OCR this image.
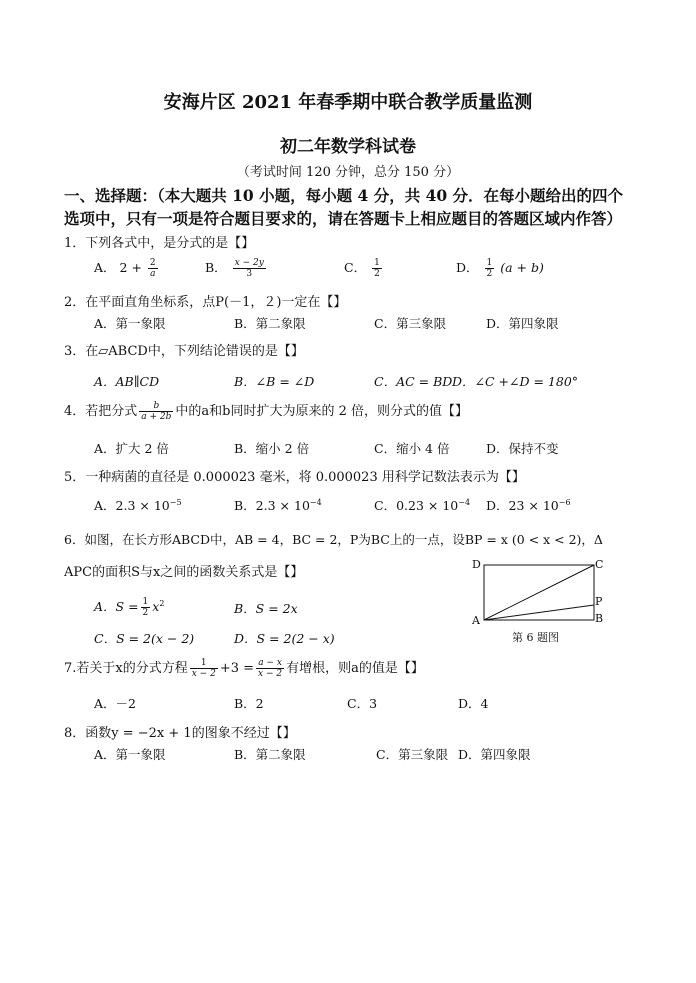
安海片区 2021 年春季期中联合教学质量监测
初二年数学科试卷
（考试时间 120 分钟，总分 150 分）
一、选择题：（本大题共 10 小题，每小题 4 分，共 40 分．在每小题给出的四个
选项中，只有一项是符合题目要求的，请在答题卡上相应题目的答题区域内作答）
1．下列各式中，是分式的是【】
A． $2 + \frac{2}{a}$	B． $\frac{x - 2y}{3}$	C． $\frac{1}{2}$	D． $\frac{1}{2} (a + b)$
2．在平面直角坐标系，点P(－1，２)一定在【】
A．第一象限	B．第二象限	C．第三象限	D．第四象限
3．在▱ABCD中，下列结论错误的是【】
A．AB∥CD	B．∠B = ∠D	C．AC = BD D．∠C +∠D = 180°
4．若把分式 $\frac{b}{a + 2b}$ 中的a和b同时扩大为原来的 2 倍，则分式的值【】
A．扩大 2 倍	B．缩小 2 倍	C．缩小 4 倍	D．保持不变
5．一种病菌的直径是 0.000023 毫米，将 0.000023 用科学记数法表示为【】
A．$2.3 \times 10^{-5}$	B．$2.3 \times 10^{-4}$	C．$0.23 \times 10^{-4}$ D．$23 \times 10^{-6}$
6．如图，在长方形ABCD中，AB = 4，BC = 2，P为BC上的一点，设BP = x (0 < x < 2)，Δ
APC的面积S与x之间的函数关系式是【】
A．$S = \frac{1}{2} x^2$	B．S = 2x
C．S = 2(x − 2)	D．S = 2(2 − x)
D	C
P
B
A
第 6 题图
7.若关于x的分式方程 $\frac{1}{x - 2} +3 = \frac{a - x}{x - 2}$ 有增根，则a的值是【】
A．－2	B．2	C．3	D．4
8．函数y = −2x + 1的图象不经过【】
A．第一象限	B．第二象限	C．第三象限 D．第四象限
